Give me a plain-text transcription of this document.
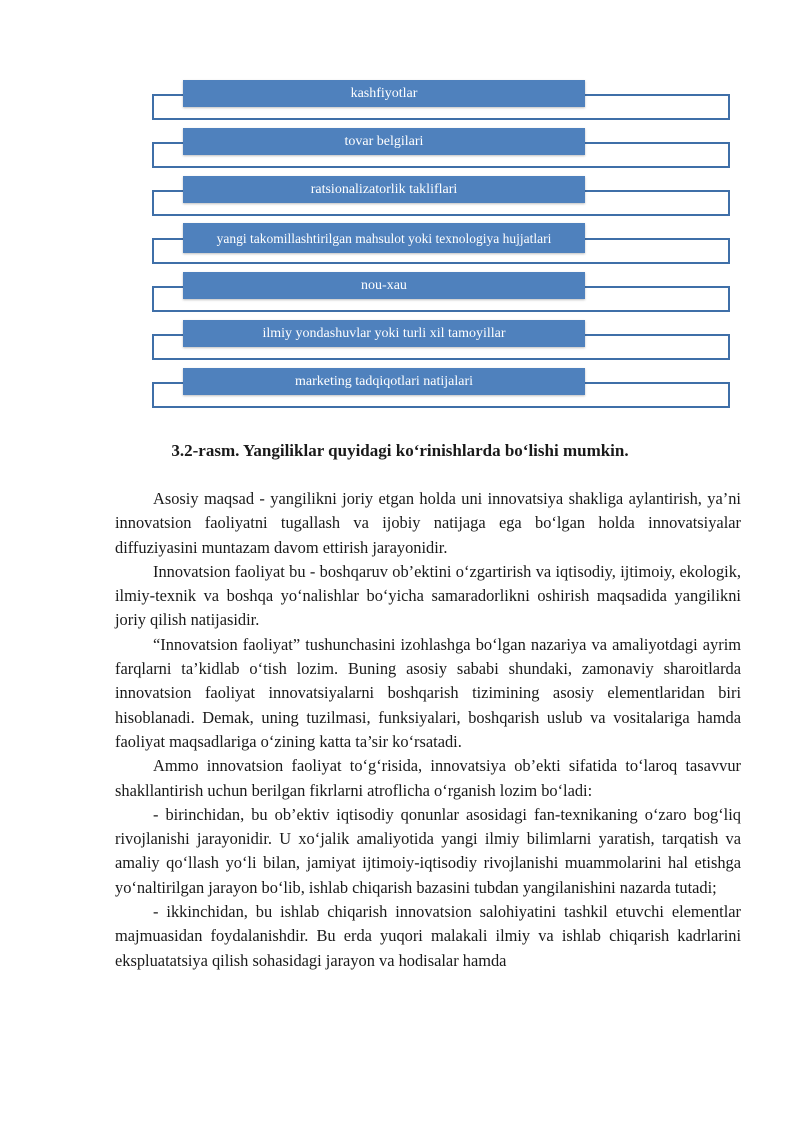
kashfiyotlar
tovar belgilari
ratsionalizatorlik takliflari
yangi takomillashtirilgan mahsulot yoki texnologiya hujjatlari
nou-xau
ilmiy yondashuvlar yoki turli xil tamoyillar
marketing tadqiqotlari natijalari
3.2-rasm. Yangiliklar quyidagi ko‘rinishlarda bo‘lishi mumkin.

Asosiy maqsad - yangilikni joriy etgan holda uni innovatsiya shakliga aylantirish, ya’ni innovatsion faoliyatni tugallash va ijobiy natijaga ega bo‘lgan holda innovatsiyalar diffuziyasini muntazam davom ettirish jarayonidir.

Innovatsion faoliyat bu - boshqaruv ob’ektini o‘zgartirish va iqtisodiy, ijtimoiy, ekologik, ilmiy-texnik va boshqa yo‘nalishlar bo‘yicha samaradorlikni oshirish maqsadida yangilikni joriy qilish natijasidir.

“Innovatsion faoliyat” tushunchasini izohlashga bo‘lgan nazariya va amaliyotdagi ayrim farqlarni ta’kidlab o‘tish lozim. Buning asosiy sababi shundaki, zamonaviy sharoitlarda innovatsion faoliyat innovatsiyalarni boshqarish tizimining asosiy elementlaridan biri hisoblanadi. Demak, uning tuzilmasi, funksiyalari, boshqarish uslub va vositalariga hamda faoliyat maqsadlariga o‘zining katta ta’sir ko‘rsatadi.

Ammo innovatsion faoliyat to‘g‘risida, innovatsiya ob’ekti sifatida to‘laroq tasavvur shakllantirish uchun berilgan fikrlarni atroflicha o‘rganish lozim bo‘ladi:

- birinchidan, bu ob’ektiv iqtisodiy qonunlar asosidagi fan-texnikaning o‘zaro bog‘liq rivojlanishi jarayonidir. U xo‘jalik amaliyotida yangi ilmiy bilimlarni yaratish, tarqatish va amaliy qo‘llash yo‘li bilan, jamiyat ijtimoiy-iqtisodiy rivojlanishi muammolarini hal etishga yo‘naltirilgan jarayon bo‘lib, ishlab chiqarish bazasini tubdan yangilanishini nazarda tutadi;

- ikkinchidan, bu ishlab chiqarish innovatsion salohiyatini tashkil etuvchi elementlar majmuasidan foydalanishdir. Bu erda yuqori malakali ilmiy va ishlab chiqarish kadrlarini ekspluatatsiya qilish sohasidagi jarayon va hodisalar hamda
